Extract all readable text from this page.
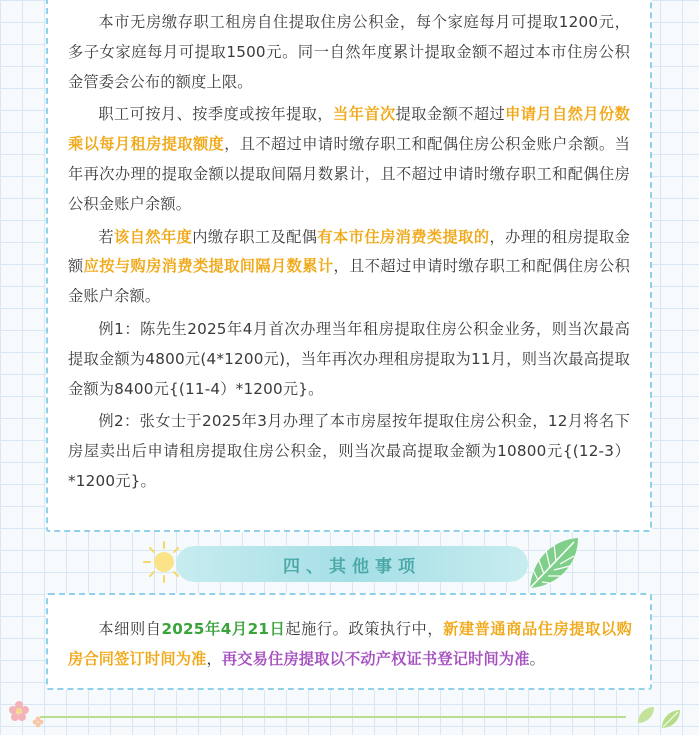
本市无房缴存职工租房自住提取住房公积金，每个家庭每月可提取1200元，多子女家庭每月可提取1500元。同一自然年度累计提取金额不超过本市住房公积金管委会公布的额度上限。

职工可按月、按季度或按年提取，当年首次提取金额不超过申请月自然月份数乘以每月租房提取额度，且不超过申请时缴存职工和配偶住房公积金账户余额。当年再次办理的提取金额以提取间隔月数累计，且不超过申请时缴存职工和配偶住房公积金账户余额。

若该自然年度内缴存职工及配偶有本市住房消费类提取的，办理的租房提取金额应按与购房消费类提取间隔月数累计，且不超过申请时缴存职工和配偶住房公积金账户余额。

例1：陈先生2025年4月首次办理当年租房提取住房公积金业务，则当次最高提取金额为4800元(4*1200元)，当年再次办理租房提取为11月，则当次最高提取金额为8400元{(11-4）*1200元}。

例2：张女士于2025年3月办理了本市房屋按年提取住房公积金，12月将名下房屋卖出后申请租房提取住房公积金，则当次最高提取金额为10800元{(12-3）*1200元}。

四、其他事项

本细则自2025年4月21日起施行。政策执行中，新建普通商品住房提取以购房合同签订时间为准，再交易住房提取以不动产权证书登记时间为准。
